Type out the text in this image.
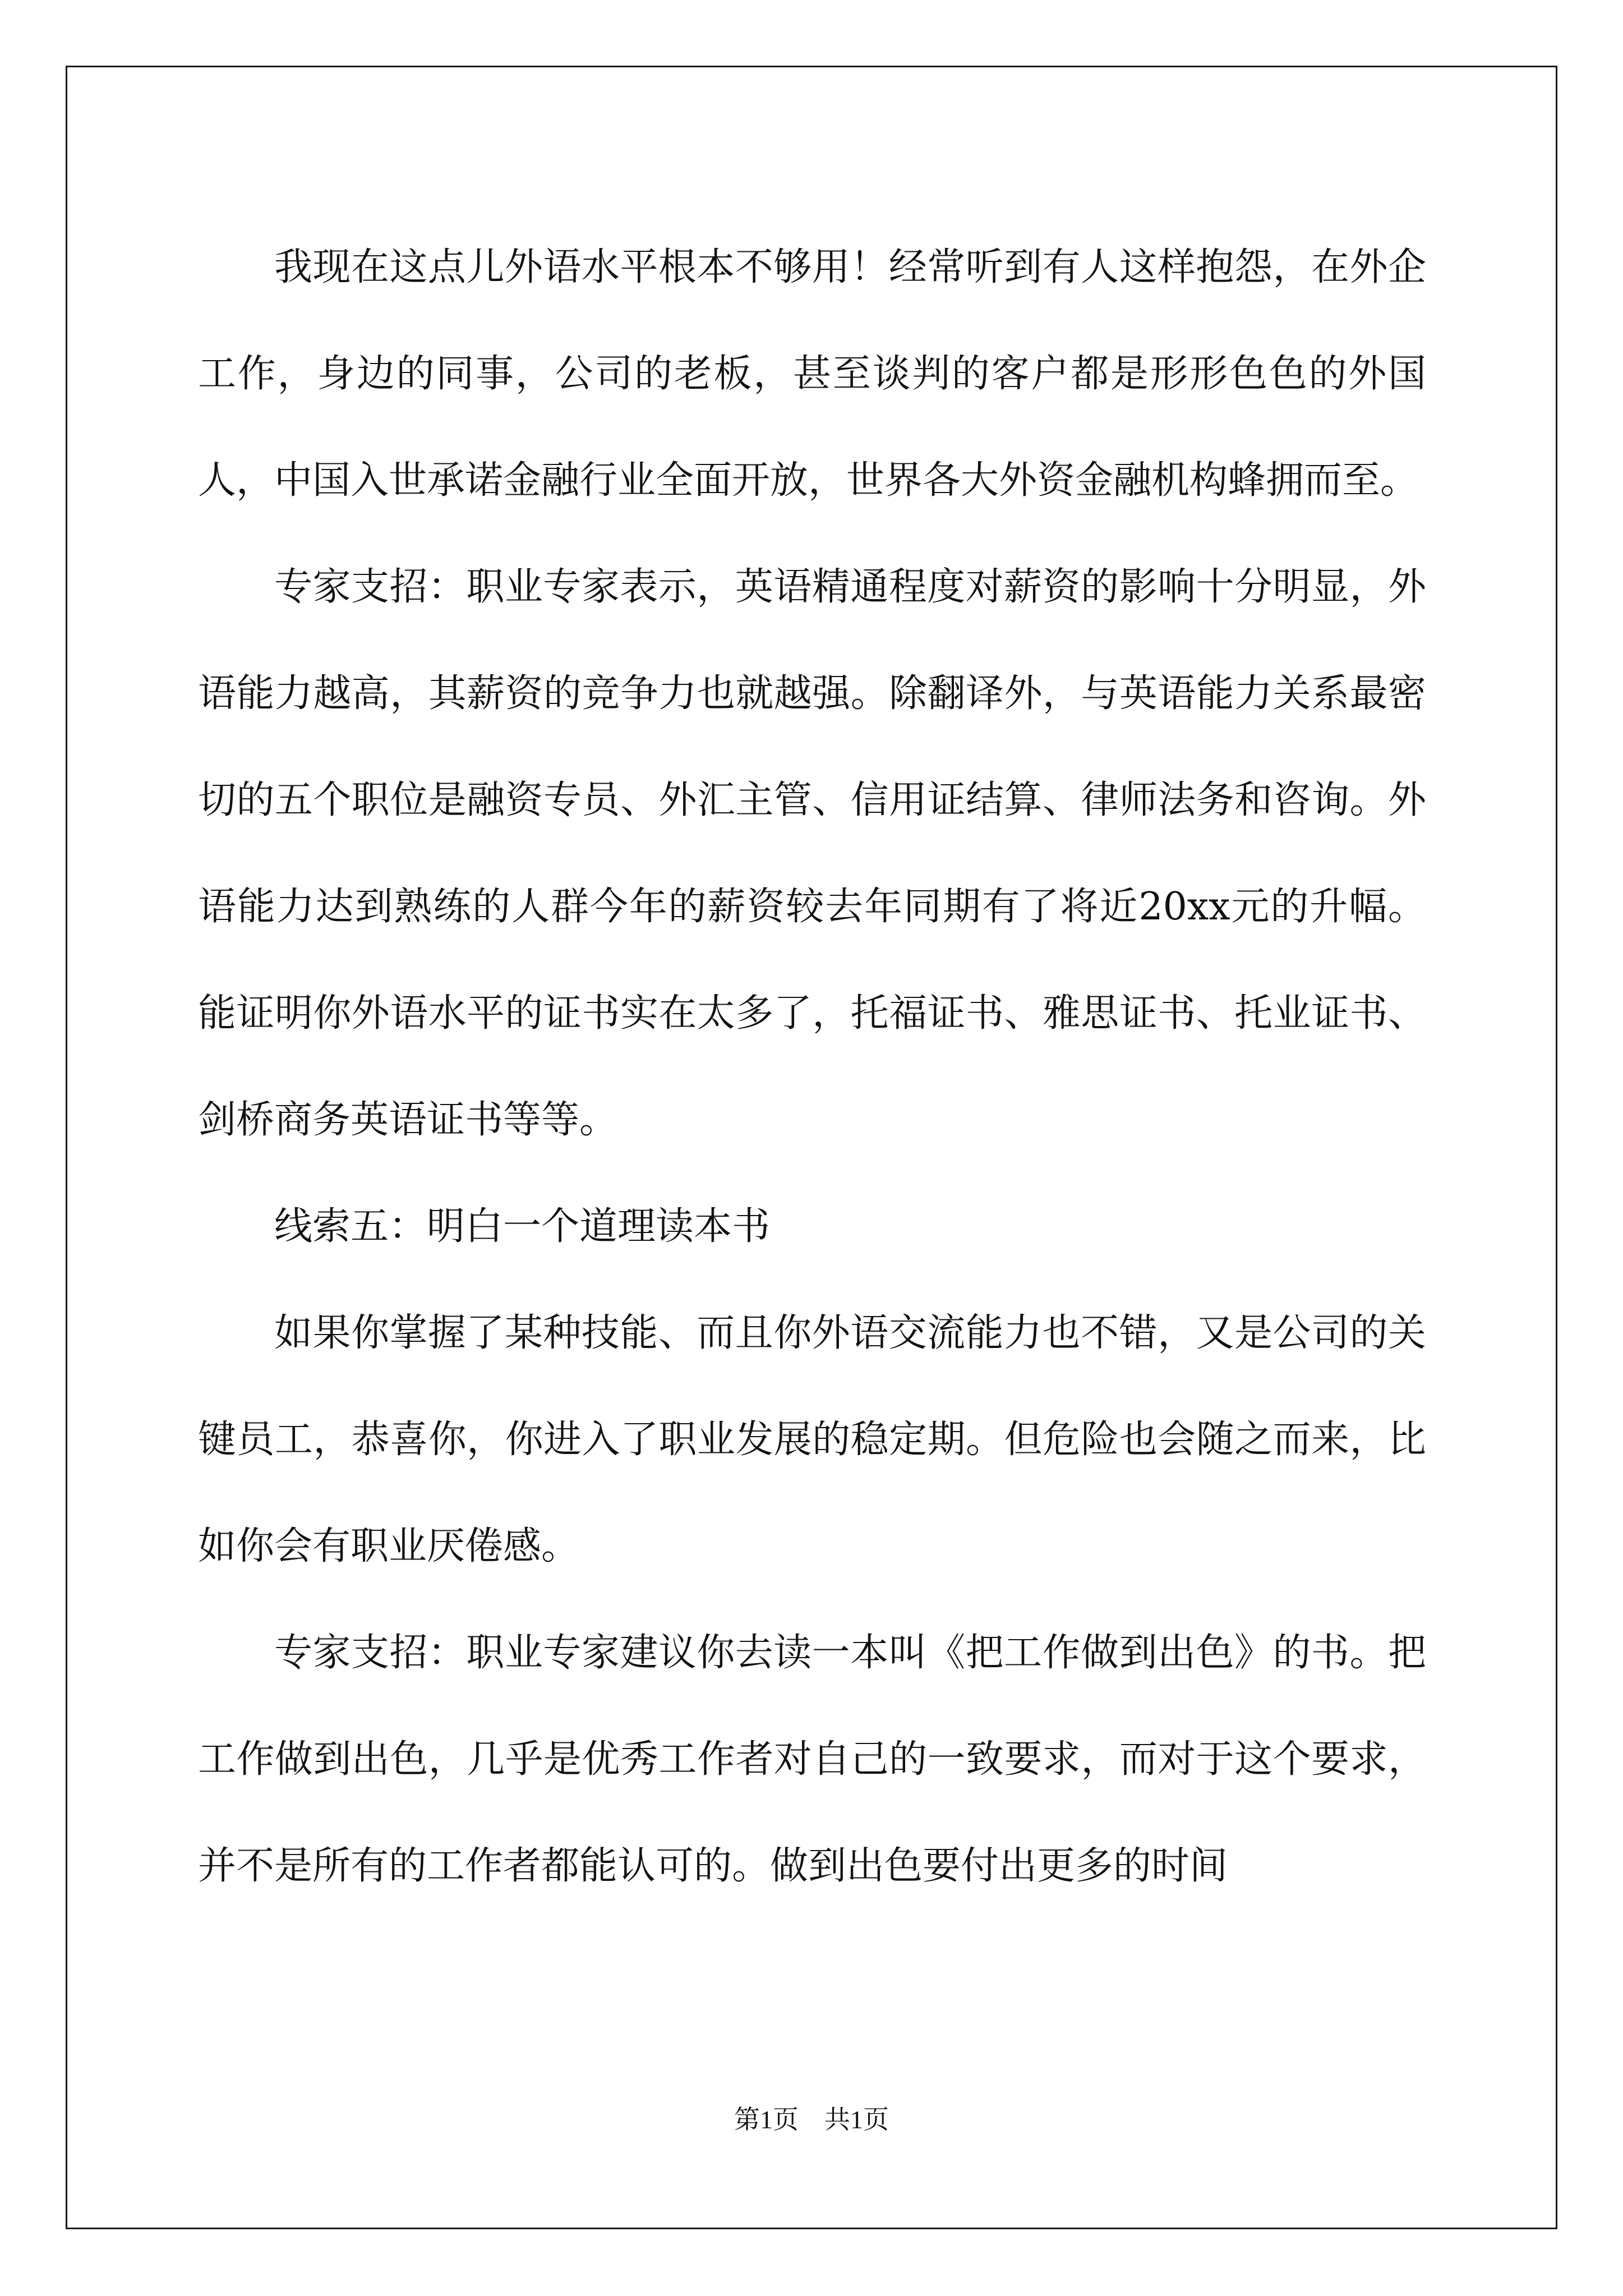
我现在这点儿外语水平根本不够用！经常听到有人这样抱怨，在外企工作，身边的同事，公司的老板，甚至谈判的客户都是形形色色的外国人，中国入世承诺金融行业全面开放，世界各大外资金融机构蜂拥而至。

专家支招：职业专家表示，英语精通程度对薪资的影响十分明显，外语能力越高，其薪资的竞争力也就越强。除翻译外，与英语能力关系最密切的五个职位是融资专员、外汇主管、信用证结算、律师法务和咨询。外语能力达到熟练的人群今年的薪资较去年同期有了将近20xx元的升幅。能证明你外语水平的证书实在太多了，托福证书、雅思证书、托业证书、剑桥商务英语证书等等。

线索五：明白一个道理读本书

如果你掌握了某种技能、而且你外语交流能力也不错，又是公司的关键员工，恭喜你，你进入了职业发展的稳定期。但危险也会随之而来，比如你会有职业厌倦感。

专家支招：职业专家建议你去读一本叫《把工作做到出色》的书。把工作做到出色，几乎是优秀工作者对自己的一致要求，而对于这个要求，并不是所有的工作者都能认可的。做到出色要付出更多的时间

第1页　共1页
